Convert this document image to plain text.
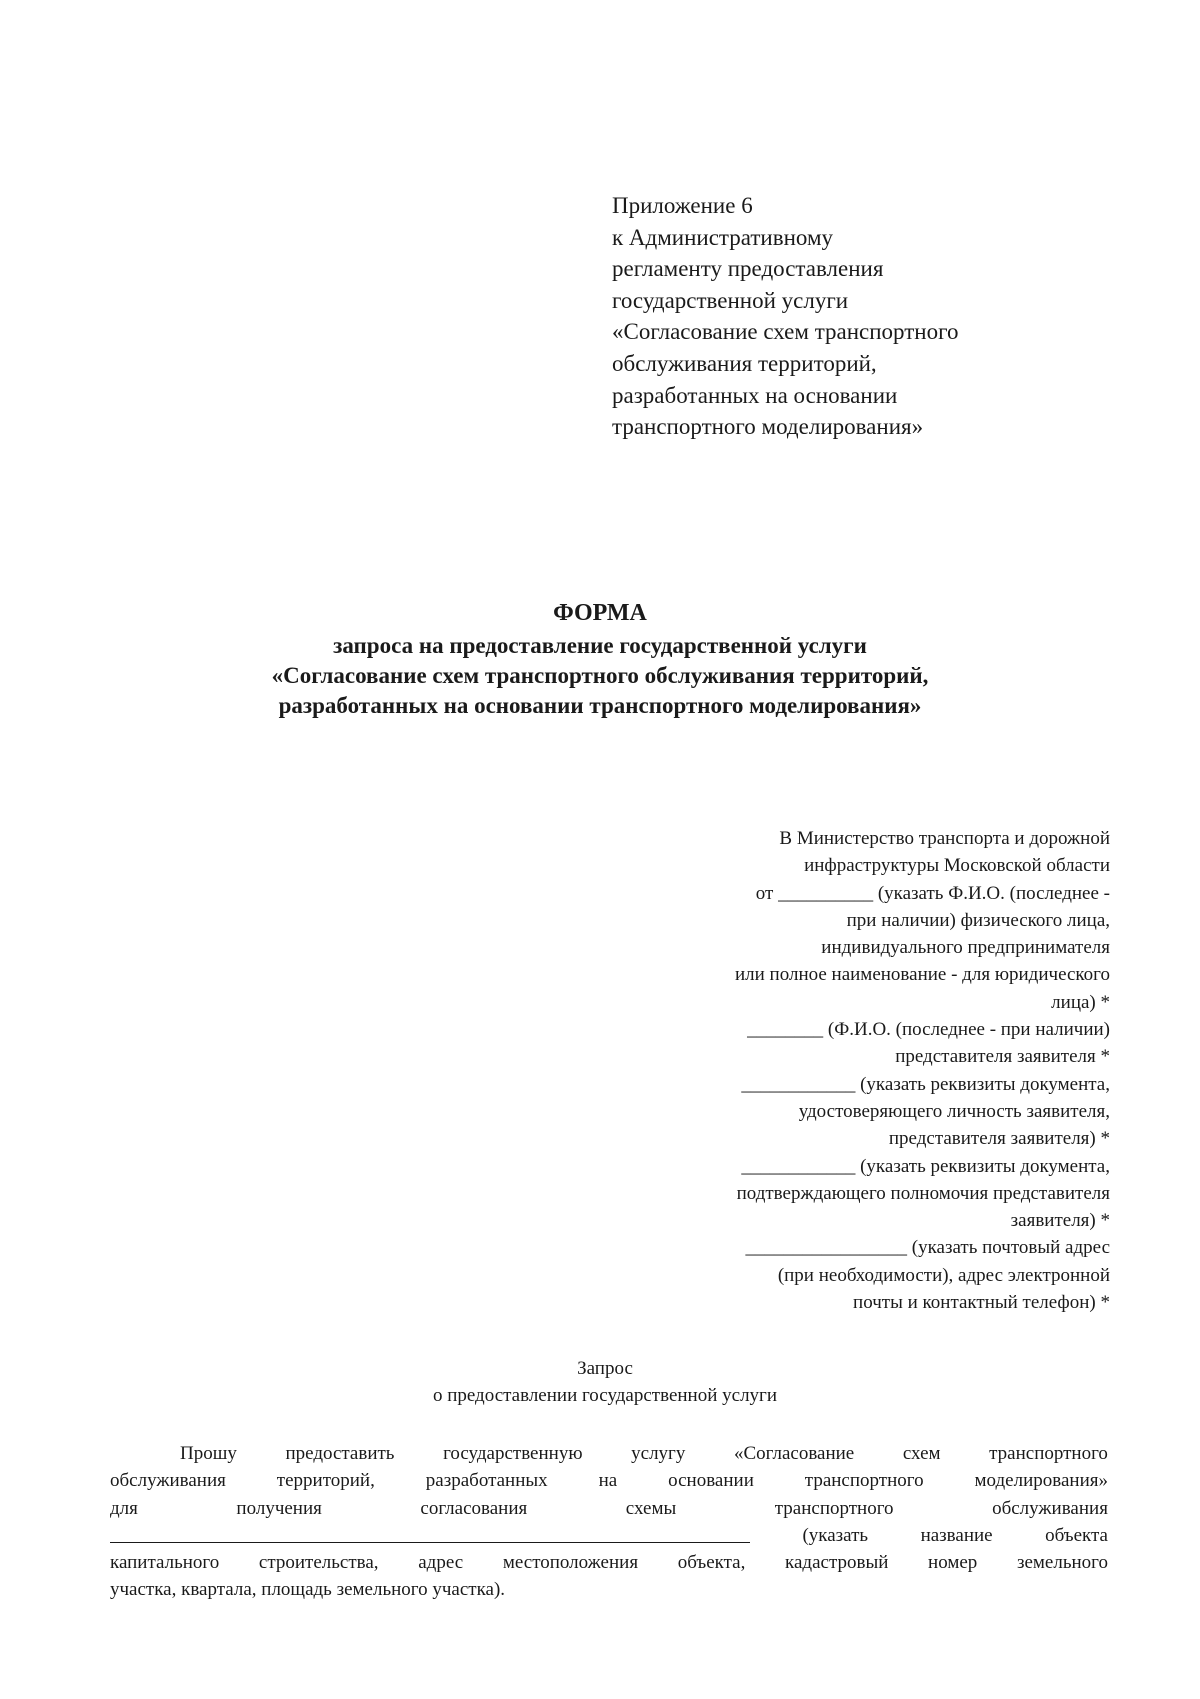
Приложение 6
к Административному
регламенту предоставления
государственной услуги
«Согласование схем транспортного
обслуживания территорий,
разработанных на основании
транспортного моделирования»
ФОРМА
запроса на предоставление государственной услуги
«Согласование схем транспортного обслуживания территорий,
разработанных на основании транспортного моделирования»
В Министерство транспорта и дорожной
инфраструктуры Московской области
от __________ (указать Ф.И.О. (последнее -
при наличии) физического лица,
индивидуального предпринимателя
или полное наименование - для юридического
лица) *
________ (Ф.И.О. (последнее - при наличии)
представителя заявителя *
____________ (указать реквизиты документа,
удостоверяющего личность заявителя,
представителя заявителя) *
____________ (указать реквизиты документа,
подтверждающего полномочия представителя
заявителя) *
_________________ (указать почтовый адрес
(при необходимости), адрес электронной
почты и контактный телефон) *
Запрос
о предоставлении государственной услуги
Прошу	предоставить	государственную	услугу	«Согласование	схем	транспортного
обслуживания	территорий,	разработанных	на	основании	транспортного	моделирования»
для	получения	согласования	схемы	транспортного	обслуживания
(указать	название	объекта
капитального строительства, адрес местоположения объекта, кадастровый номер земельного
участка, квартала, площадь земельного участка).
